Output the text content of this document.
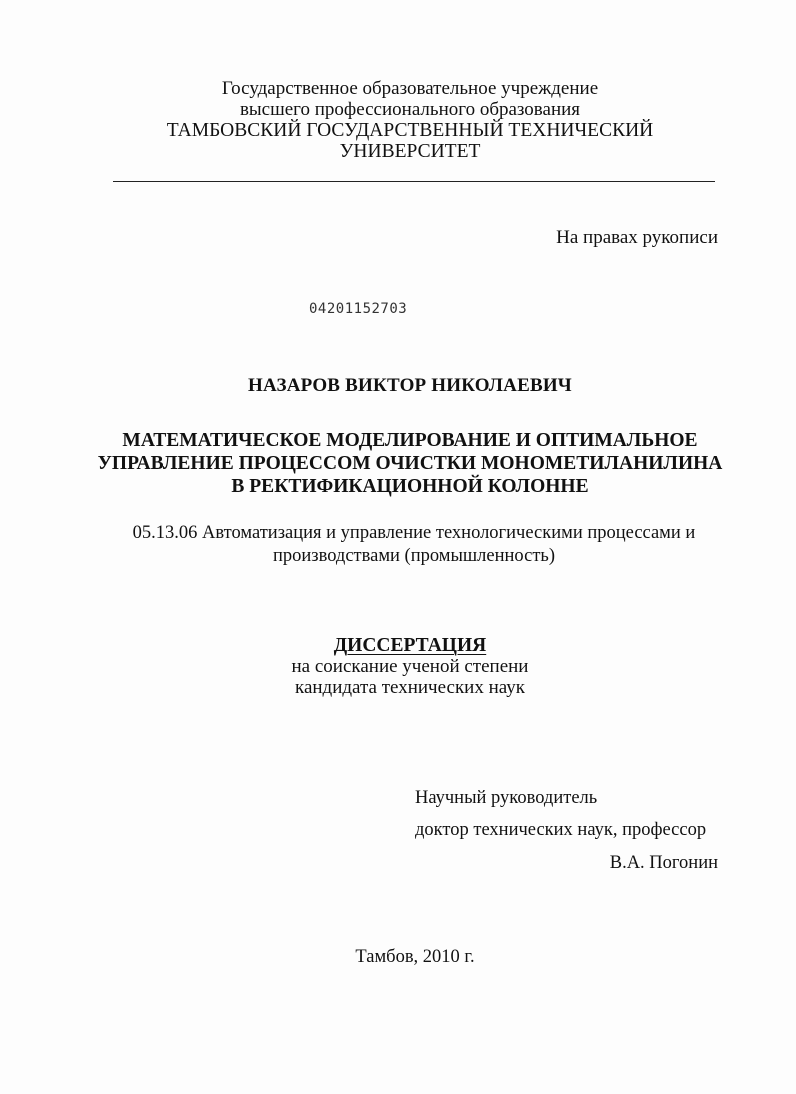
Государственное образовательное учреждение
высшего профессионального образования
ТАМБОВСКИЙ ГОСУДАРСТВЕННЫЙ ТЕХНИЧЕСКИЙ
УНИВЕРСИТЕТ
На правах рукописи
04201152703
НАЗАРОВ ВИКТОР НИКОЛАЕВИЧ
МАТЕМАТИЧЕСКОЕ МОДЕЛИРОВАНИЕ И ОПТИМАЛЬНОЕ
УПРАВЛЕНИЕ ПРОЦЕССОМ ОЧИСТКИ МОНОМЕТИЛАНИЛИНА
В РЕКТИФИКАЦИОННОЙ КОЛОННЕ
05.13.06 Автоматизация и управление технологическими процессами и
производствами (промышленность)
ДИССЕРТАЦИЯ
на соискание ученой степени
кандидата технических наук
Научный руководитель
доктор технических наук, профессор
В.А. Погонин
Тамбов, 2010 г.
